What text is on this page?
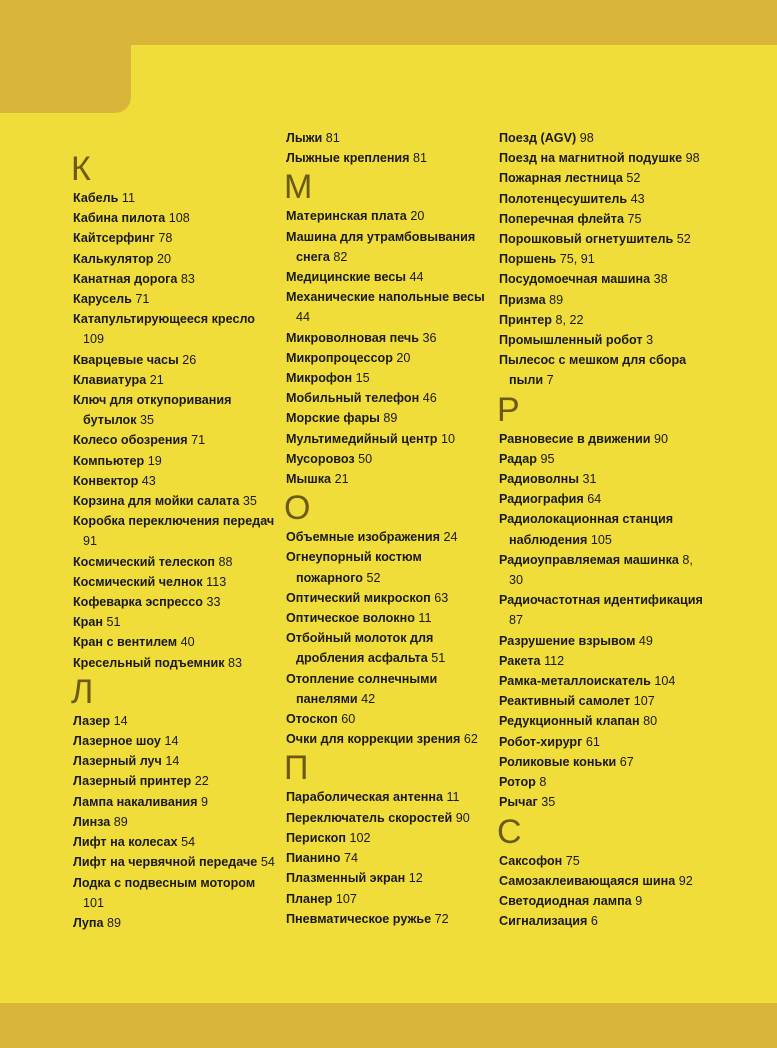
К
Кабель 11
Кабина пилота 108
Кайтсерфинг 78
Калькулятор 20
Канатная дорога 83
Карусель 71
Катапультирующееся кресло
109
Кварцевые часы 26
Клавиатура 21
Ключ для откупоривания
бутылок 35
Колесо обозрения 71
Компьютер 19
Конвектор 43
Корзина для мойки салата 35
Коробка переключения передач
91
Космический телескоп 88
Космический челнок 113
Кофеварка эспрессо 33
Кран 51
Кран с вентилем 40
Кресельный подъемник 83
Л
Лазер 14
Лазерное шоу 14
Лазерный луч 14
Лазерный принтер 22
Лампа накаливания 9
Линза 89
Лифт на колесах 54
Лифт на червячной передаче 54
Лодка с подвесным мотором
101
Лупа 89
Лыжи 81
Лыжные крепления 81
М
Материнская плата 20
Машина для утрамбовывания
снега 82
Медицинские весы 44
Механические напольные весы
44
Микроволновая печь 36
Микропроцессор 20
Микрофон 15
Мобильный телефон 46
Морские фары 89
Мультимедийный центр 10
Мусоровоз 50
Мышка 21
О
Объемные изображения 24
Огнеупорный костюм
пожарного 52
Оптический микроскоп 63
Оптическое волокно 11
Отбойный молоток для
дробления асфальта 51
Отопление солнечными
панелями 42
Отоскоп 60
Очки для коррекции зрения 62
П
Параболическая антенна 11
Переключатель скоростей 90
Перископ 102
Пианино 74
Плазменный экран 12
Планер 107
Пневматическое ружье 72
Поезд (AGV) 98
Поезд на магнитной подушке 98
Пожарная лестница 52
Полотенцесушитель 43
Поперечная флейта 75
Порошковый огнетушитель 52
Поршень 75, 91
Посудомоечная машина 38
Призма 89
Принтер 8, 22
Промышленный робот 3
Пылесос с мешком для сбора
пыли 7
Р
Равновесие в движении 90
Радар 95
Радиоволны 31
Радиография 64
Радиолокационная станция
наблюдения 105
Радиоуправляемая машинка 8,
30
Радиочастотная идентификация
87
Разрушение взрывом 49
Ракета 112
Рамка-металлоискатель 104
Реактивный самолет 107
Редукционный клапан 80
Робот-хирург 61
Роликовые коньки 67
Ротор 8
Рычаг 35
С
Саксофон 75
Самозаклеивающаяся шина 92
Светодиодная лампа 9
Сигнализация 6
